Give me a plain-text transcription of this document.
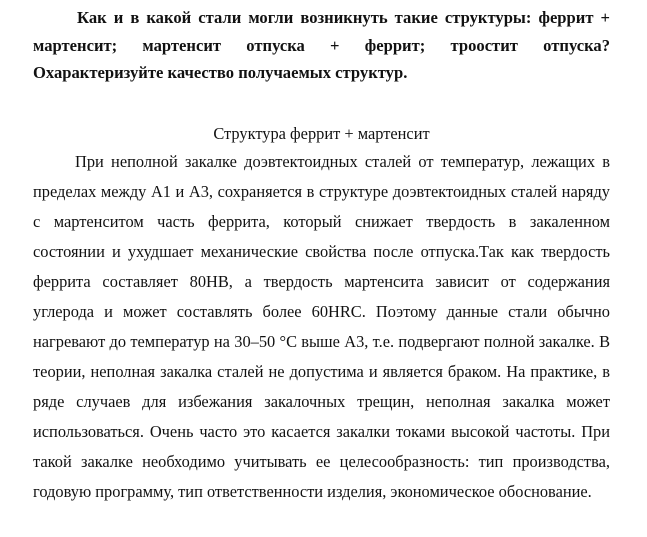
Как и в какой стали могли возникнуть такие структуры: феррит + мартенсит; мартенсит отпуска + феррит; троостит отпуска? Охарактеризуйте качество получаемых структур.

Структура феррит + мартенсит

При неполной закалке доэвтектоидных сталей от температур, лежащих в пределах между А1 и А3, сохраняется в структуре доэвтектоидных сталей наряду с мартенситом часть феррита, который снижает твердость в закаленном состоянии и ухудшает механические свойства после отпуска.Так как твердость феррита составляет 80НВ, а твердость мартенсита зависит от содержания углерода и может составлять более 60HRC. Поэтому данные стали обычно нагревают до температур на 30–50 °С выше А3, т.е. подвергают полной закалке. В теории, неполная закалка сталей не допустима и является браком. На практике, в ряде случаев для избежания закалочных трещин, неполная закалка может использоваться. Очень часто это касается закалки токами высокой частоты. При такой закалке необходимо учитывать ее целесообразность: тип производства, годовую программу, тип ответственности изделия, экономическое обоснование.
